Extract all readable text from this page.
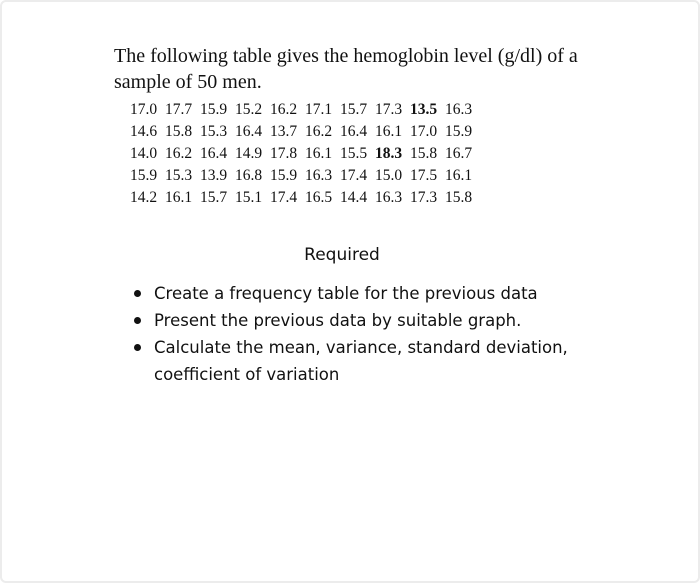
The following table gives the hemoglobin level (g/dl) of a sample of 50 men.
17.0 17.7 15.9 15.2 16.2 17.1 15.7 17.3 13.5 16.3
14.6 15.8 15.3 16.4 13.7 16.2 16.4 16.1 17.0 15.9
14.0 16.2 16.4 14.9 17.8 16.1 15.5 18.3 15.8 16.7
15.9 15.3 13.9 16.8 15.9 16.3 17.4 15.0 17.5 16.1
14.2 16.1 15.7 15.1 17.4 16.5 14.4 16.3 17.3 15.8
Required
Create a frequency table for the previous data
Present the previous data by suitable graph.
Calculate the mean, variance, standard deviation, coefficient of variation
